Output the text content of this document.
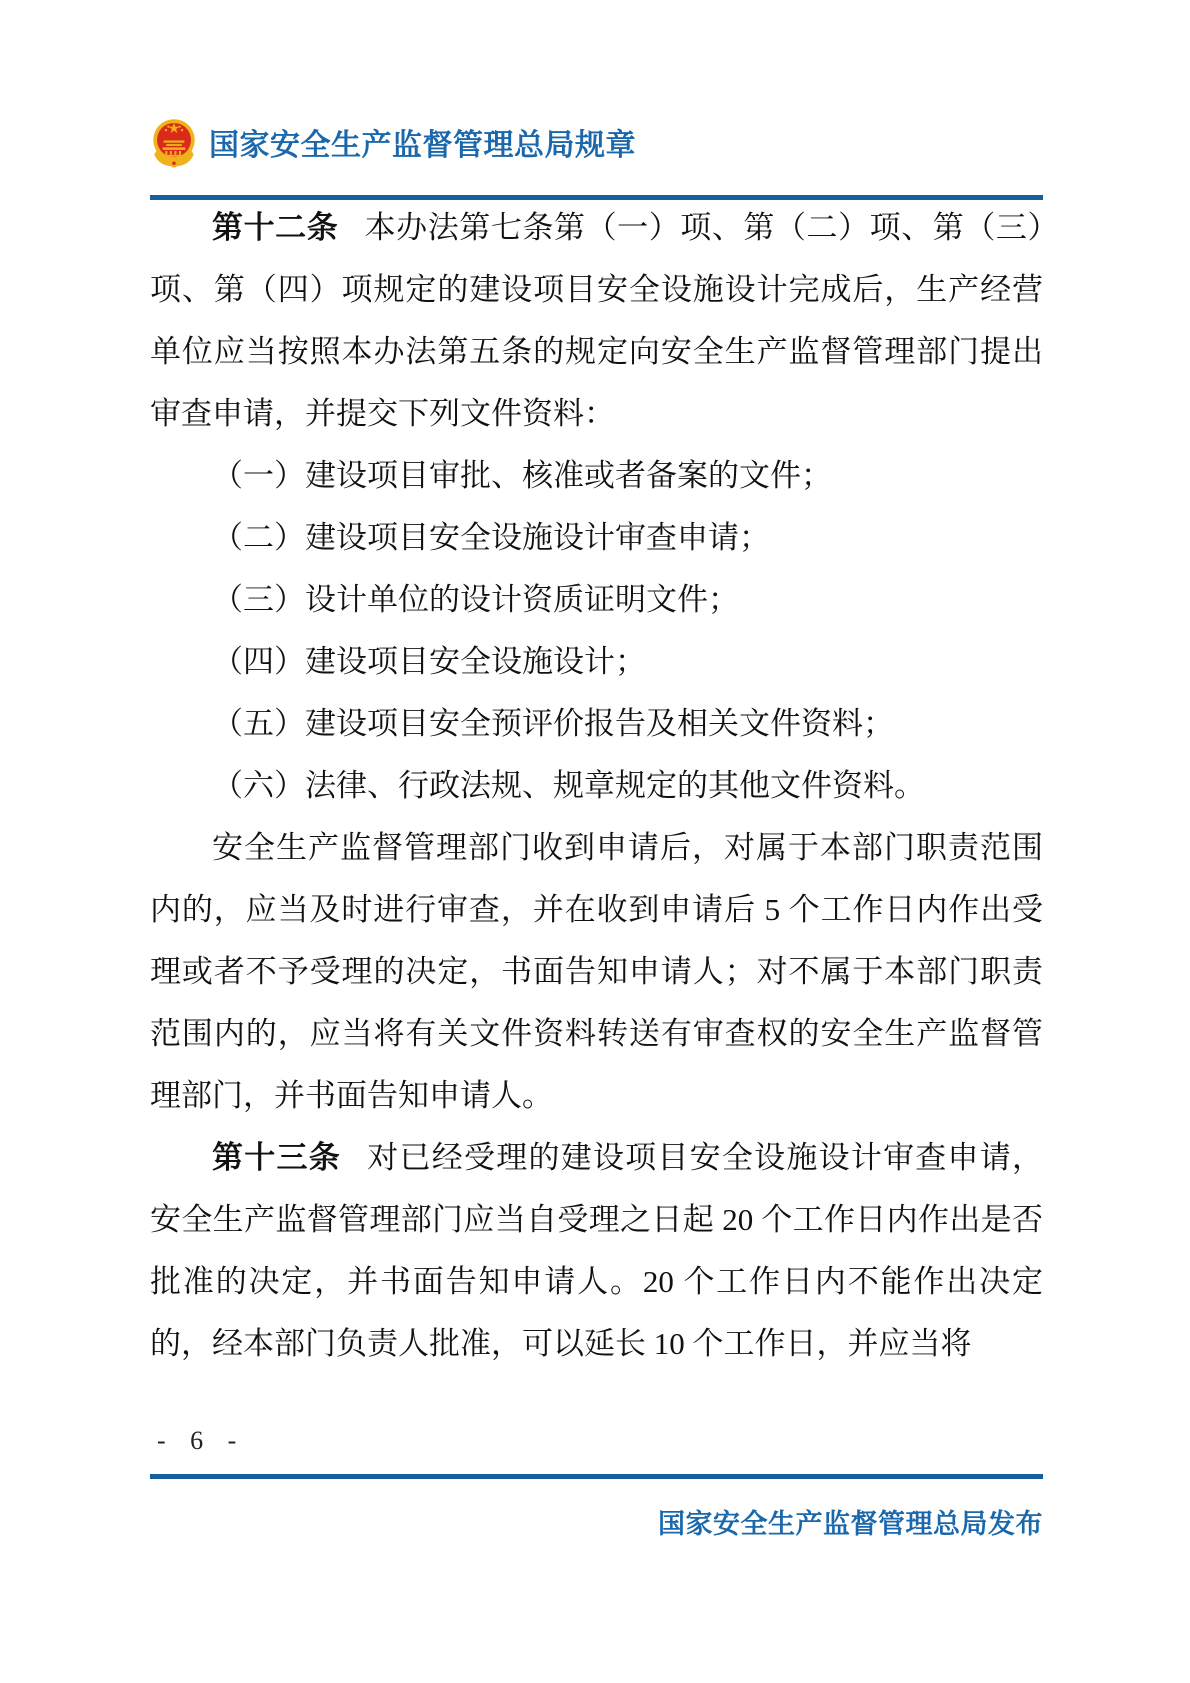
国家安全生产监督管理总局规章

第十二条 本办法第七条第（一）项、第（二）项、第（三）项、第（四）项规定的建设项目安全设施设计完成后，生产经营单位应当按照本办法第五条的规定向安全生产监督管理部门提出审查申请，并提交下列文件资料：

（一）建设项目审批、核准或者备案的文件；

（二）建设项目安全设施设计审查申请；

（三）设计单位的设计资质证明文件；

（四）建设项目安全设施设计；

（五）建设项目安全预评价报告及相关文件资料；

（六）法律、行政法规、规章规定的其他文件资料。

安全生产监督管理部门收到申请后，对属于本部门职责范围内的，应当及时进行审查，并在收到申请后 5 个工作日内作出受理或者不予受理的决定，书面告知申请人；对不属于本部门职责范围内的，应当将有关文件资料转送有审查权的安全生产监督管理部门，并书面告知申请人。

第十三条 对已经受理的建设项目安全设施设计审查申请，安全生产监督管理部门应当自受理之日起 20 个工作日内作出是否批准的决定，并书面告知申请人。20 个工作日内不能作出决定的，经本部门负责人批准，可以延长 10 个工作日，并应当将

- 6 -
国家安全生产监督管理总局发布
